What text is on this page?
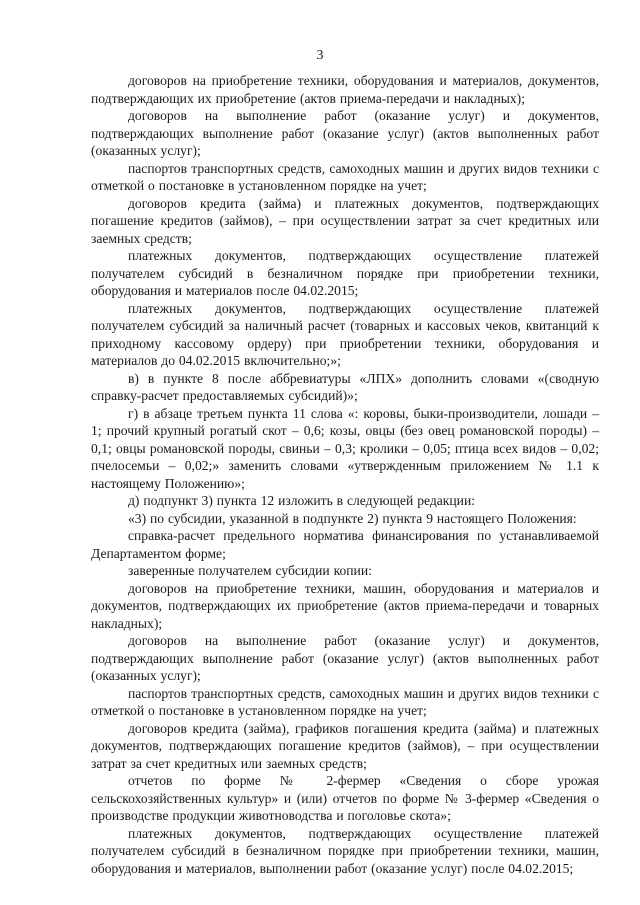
3

договоров на приобретение техники, оборудования и материалов, документов, подтверждающих их приобретение (актов приема-передачи и накладных);

договоров на выполнение работ (оказание услуг) и документов, подтверждающих выполнение работ (оказание услуг) (актов выполненных работ (оказанных услуг);

паспортов транспортных средств, самоходных машин и других видов техники с отметкой о постановке в установленном порядке на учет;

договоров кредита (займа) и платежных документов, подтверждающих погашение кредитов (займов), – при осуществлении затрат за счет кредитных или заемных средств;

платежных документов, подтверждающих осуществление платежей получателем субсидий в безналичном порядке при приобретении техники, оборудования и материалов после 04.02.2015;

платежных документов, подтверждающих осуществление платежей получателем субсидий за наличный расчет (товарных и кассовых чеков, квитанций к приходному кассовому ордеру) при приобретении техники, оборудования и материалов до 04.02.2015 включительно;»;

в) в пункте 8 после аббревиатуры «ЛПХ» дополнить словами «(сводную справку-расчет предоставляемых субсидий)»;

г) в абзаце третьем пункта 11 слова «: коровы, быки-производители, лошади – 1; прочий крупный рогатый скот – 0,6; козы, овцы (без овец романовской породы) – 0,1; овцы романовской породы, свиньи – 0,3; кролики – 0,05; птица всех видов – 0,02; пчелосемьи – 0,02;» заменить словами «утвержденным приложением № 1.1 к настоящему Положению»;

д) подпункт 3) пункта 12 изложить в следующей редакции:

«3) по субсидии, указанной в подпункте 2) пункта 9 настоящего Положения:

справка-расчет предельного норматива финансирования по устанавливаемой Департаментом форме;

заверенные получателем субсидии копии:

договоров на приобретение техники, машин, оборудования и материалов и документов, подтверждающих их приобретение (актов приема-передачи и товарных накладных);

договоров на выполнение работ (оказание услуг) и документов, подтверждающих выполнение работ (оказание услуг) (актов выполненных работ (оказанных услуг);

паспортов транспортных средств, самоходных машин и других видов техники с отметкой о постановке в установленном порядке на учет;

договоров кредита (займа), графиков погашения кредита (займа) и платежных документов, подтверждающих погашение кредитов (займов), – при осуществлении затрат за счет кредитных или заемных средств;

отчетов по форме № 2-фермер «Сведения о сборе урожая сельскохозяйственных культур» и (или) отчетов по форме № 3-фермер «Сведения о производстве продукции животноводства и поголовье скота»;

платежных документов, подтверждающих осуществление платежей получателем субсидий в безналичном порядке при приобретении техники, машин, оборудования и материалов, выполнении работ (оказание услуг) после 04.02.2015;
